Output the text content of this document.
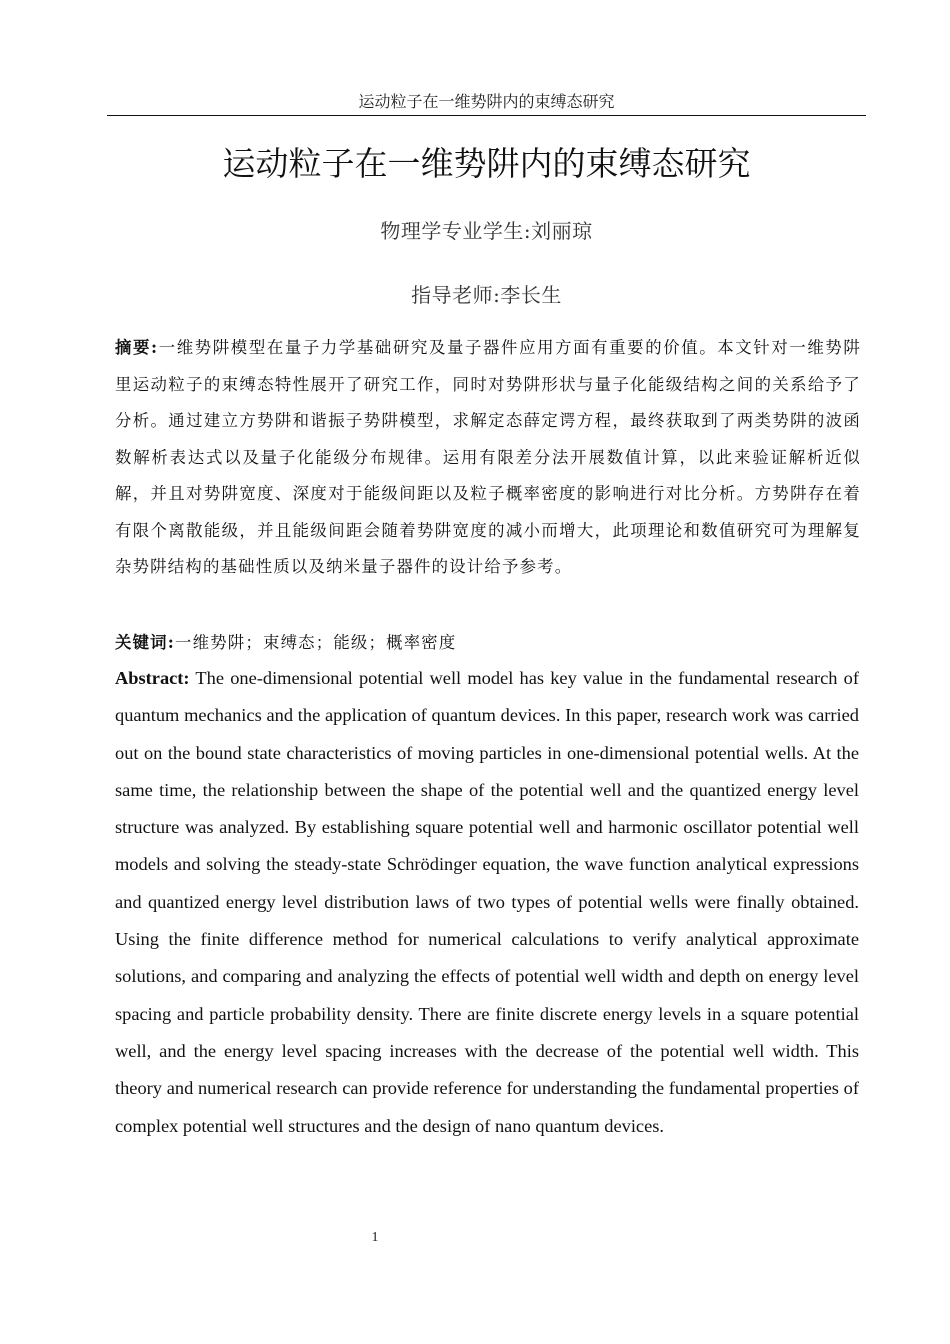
运动粒子在一维势阱内的束缚态研究
运动粒子在一维势阱内的束缚态研究
物理学专业学生:刘丽琼
指导老师:李长生
摘要:一维势阱模型在量子力学基础研究及量子器件应用方面有重要的价值。本文针对一维势阱里运动粒子的束缚态特性展开了研究工作，同时对势阱形状与量子化能级结构之间的关系给予了分析。通过建立方势阱和谐振子势阱模型，求解定态薛定谔方程，最终获取到了两类势阱的波函数解析表达式以及量子化能级分布规律。运用有限差分法开展数值计算，以此来验证解析近似解，并且对势阱宽度、深度对于能级间距以及粒子概率密度的影响进行对比分析。方势阱存在着有限个离散能级，并且能级间距会随着势阱宽度的减小而增大，此项理论和数值研究可为理解复杂势阱结构的基础性质以及纳米量子器件的设计给予参考。
关键词:一维势阱；束缚态；能级；概率密度
Abstract: The one-dimensional potential well model has key value in the fundamental research of quantum mechanics and the application of quantum devices. In this paper, research work was carried out on the bound state characteristics of moving particles in one-dimensional potential wells. At the same time, the relationship between the shape of the potential well and the quantized energy level structure was analyzed. By establishing square potential well and harmonic oscillator potential well models and solving the steady-state Schrödinger equation, the wave function analytical expressions and quantized energy level distribution laws of two types of potential wells were finally obtained. Using the finite difference method for numerical calculations to verify analytical approximate solutions, and comparing and analyzing the effects of potential well width and depth on energy level spacing and particle probability density. There are finite discrete energy levels in a square potential well, and the energy level spacing increases with the decrease of the potential well width. This theory and numerical research can provide reference for understanding the fundamental properties of complex potential well structures and the design of nano quantum devices.
1
